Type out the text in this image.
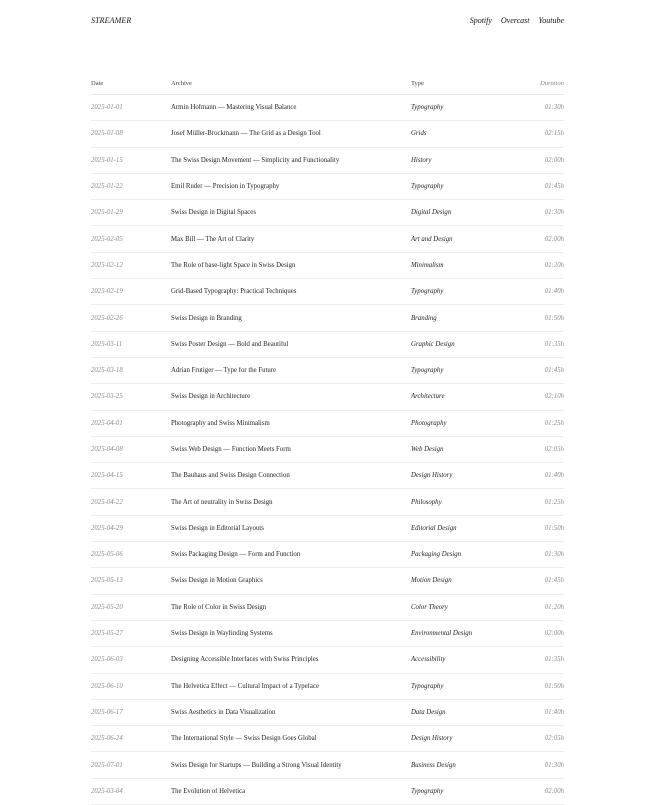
STREAMER	Spotify Overcast Youtube
Date	Archive	Type	Duration
2025-01-01	Armin Hofmann — Mastering Visual Balance	Typography	01:30h
2025-01-08	Josef Müller-Brockmann — The Grid as a Design Tool	Grids	02:15h
2025-01-15	The Swiss Design Movement — Simplicity and Functionality	History	02:00h
2025-01-22	Emil Ruder — Precision in Typography	Typography	01:45h
2025-01-29	Swiss Design in Digital Spaces	Digital Design	01:30h
2025-02-05	Max Bill — The Art of Clarity	Art and Design	02:00h
2025-02-12	The Role of base-light Space in Swiss Design	Minimalism	01:20h
2025-02-19	Grid-Based Typography: Practical Techniques	Typography	01:40h
2025-02-26	Swiss Design in Branding	Branding	01:50h
2025-03-11	Swiss Poster Design — Bold and Beautiful	Graphic Design	01:35h
2025-03-18	Adrian Frutiger — Type for the Future	Typography	01:45h
2025-03-25	Swiss Design in Architecture	Architecture	02:10h
2025-04-01	Photography and Swiss Minimalism	Photography	01:25h
2025-04-08	Swiss Web Design — Function Meets Form	Web Design	02:05h
2025-04-15	The Bauhaus and Swiss Design Connection	Design History	01:40h
2025-04-22	The Art of neutrality in Swiss Design	Philosophy	01:25h
2025-04-29	Swiss Design in Editorial Layouts	Editorial Design	01:50h
2025-05-06	Swiss Packaging Design — Form and Function	Packaging Design	01:30h
2025-05-13	Swiss Design in Motion Graphics	Motion Design	01:45h
2025-05-20	The Role of Color in Swiss Design	Color Theory	01:20h
2025-05-27	Swiss Design in Wayfinding Systems	Environmental Design	02:00h
2025-06-03	Designing Accessible Interfaces with Swiss Principles	Accessibility	01:35h
2025-06-10	The Helvetica Effect — Cultural Impact of a Typeface	Typography	01:50h
2025-06-17	Swiss Aesthetics in Data Visualization	Data Design	01:40h
2025-06-24	The International Style — Swiss Design Goes Global	Design History	02:05h
2025-07-01	Swiss Design for Startups — Building a Strong Visual Identity	Business Design	01:30h
2025-03-04	The Evolution of Helvetica	Typography	02:00h
